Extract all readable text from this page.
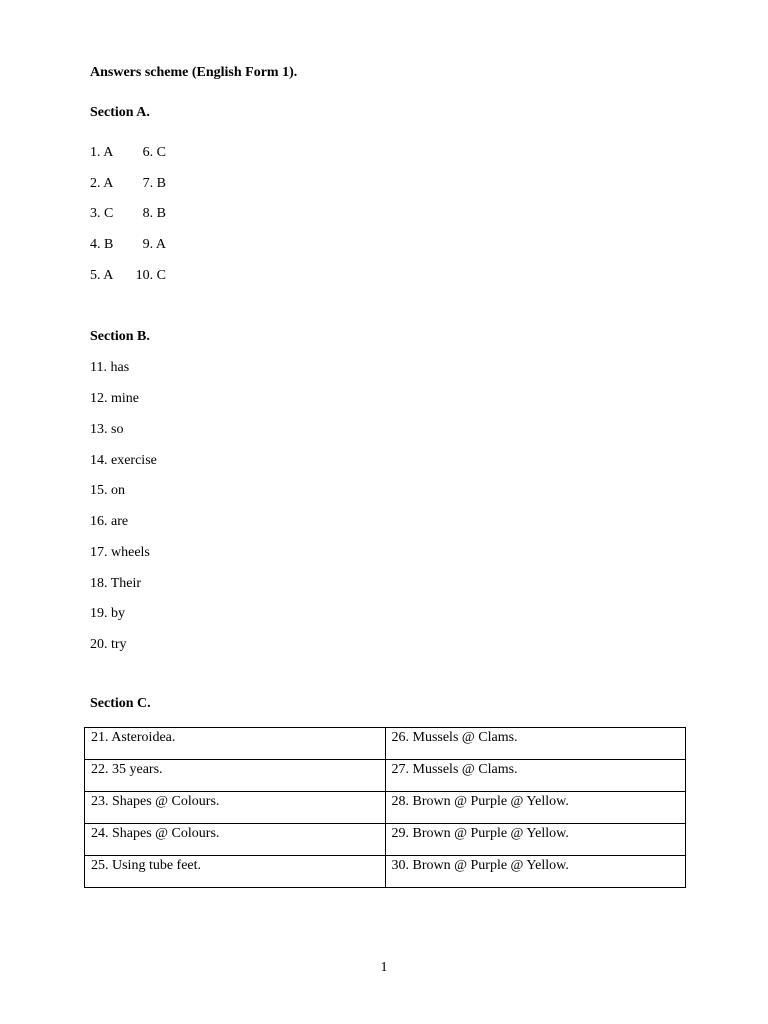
Answers scheme (English Form 1).
Section A.
1. A	6. C
2. A	7. B
3. C	8. B
4. B	9. A
5. A	10. C
Section B.
11. has
12. mine
13. so
14. exercise
15. on
16. are
17. wheels
18. Their
19. by
20. try
Section C.
21. Asteroidea.	26. Mussels @ Clams.
22. 35 years.	27. Mussels @ Clams.
23. Shapes @ Colours.	28. Brown @ Purple @ Yellow.
24. Shapes @ Colours.	29. Brown @ Purple @ Yellow.
25. Using tube feet.	30. Brown @ Purple @ Yellow.
1
